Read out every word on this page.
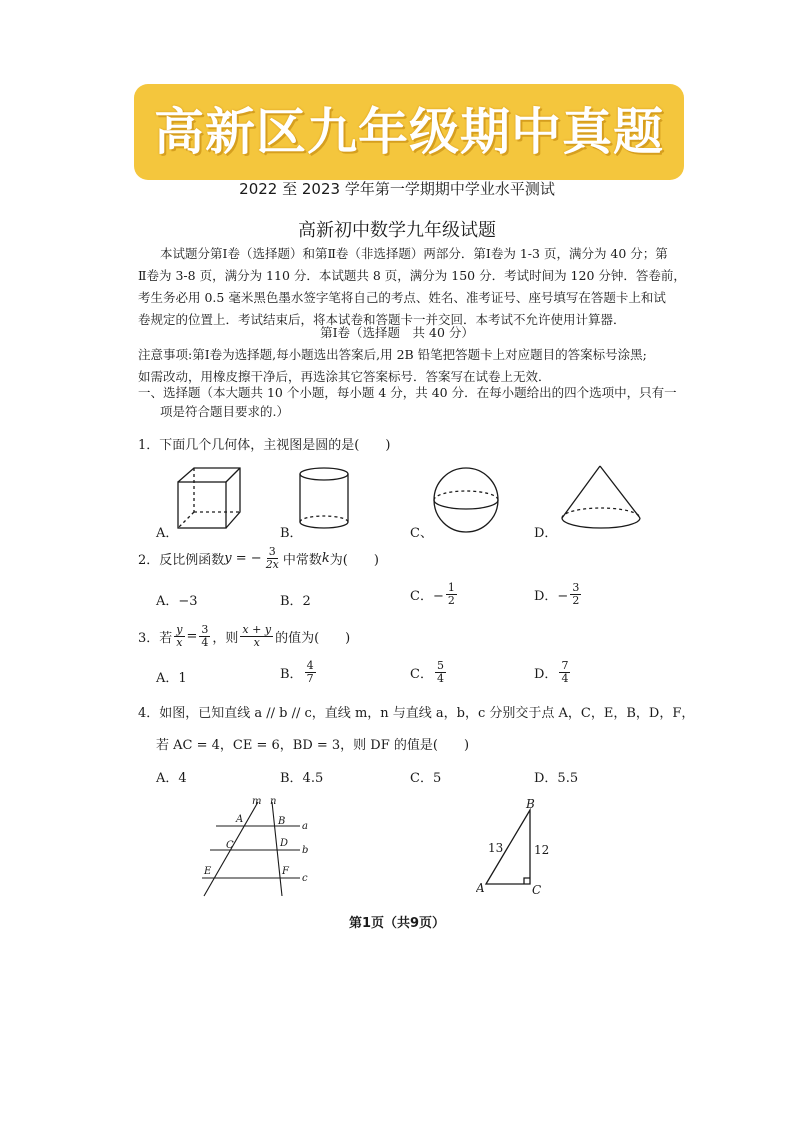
高新区九年级期中真题
2022 至 2023 学年第一学期期中学业水平测试
高新初中数学九年级试题
本试题分第Ⅰ卷（选择题）和第Ⅱ卷（非选择题）两部分．第Ⅰ卷为 1-3 页，满分为 40 分；第
Ⅱ卷为 3-8 页，满分为 110 分．本试题共 8 页，满分为 150 分．考试时间为 120 分钟．答卷前，
考生务必用 0.5 毫米黑色墨水签字笔将自己的考点、姓名、准考证号、座号填写在答题卡上和试
卷规定的位置上．考试结束后，将本试卷和答题卡一并交回．本考试不允许使用计算器．
第Ⅰ卷（选择题　共 40 分）
注意事项:第Ⅰ卷为选择题,每小题选出答案后,用 2B 铅笔把答题卡上对应题目的答案标号涂黑;
如需改动，用橡皮擦干净后，再选涂其它答案标号．答案写在试卷上无效．
一、选择题（本大题共 10 个小题，每小题 4 分，共 40 分．在每小题给出的四个选项中，只有一
项是符合题目要求的.）
1．下面几个几何体，主视图是圆的是(　　)
A．	B．	C、	D．
2．反比例函数 y = − $\frac{3}{2x}$ 中常数 k 为(　　)
A．−3	B．2	C．− $\frac{1}{2}$	D．− $\frac{3}{2}$
3．若 $\frac{y}{x} = \frac{3}{4}$ ，则 $\frac{x + y}{x}$ 的值为(　　)
A．1	B． $\frac{4}{7}$	C． $\frac{5}{4}$	D． $\frac{7}{4}$
4．如图，已知直线 a // b // c，直线 m，n 与直线 a，b，c 分别交于点 A，C，E，B，D，F，
若 AC = 4，CE = 6，BD = 3，则 DF 的值是(　　)
A．4	B．4.5	C．5	D．5.5
m n
A	B
C	D
E	F
a
b
c
B
A	C
13	12
第1页（共9页）
